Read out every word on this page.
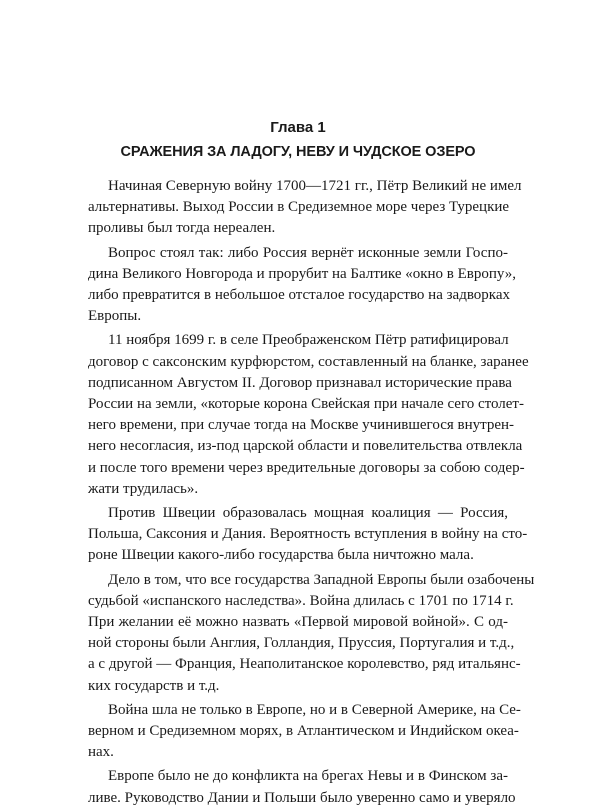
Глава 1
СРАЖЕНИЯ ЗА ЛАДОГУ, НЕВУ И ЧУДСКОЕ ОЗЕРО
Начиная Северную войну 1700—1721 гг., Пётр Великий не имел
альтернативы. Выход России в Средиземное море через Турецкие
проливы был тогда нереален.
Вопрос стоял так: либо Россия вернёт исконные земли Госпо-
дина Великого Новгорода и прорубит на Балтике «окно в Европу»,
либо превратится в небольшое отсталое государство на задворках
Европы.
11 ноября 1699 г. в селе Преображенском Пётр ратифицировал
договор с саксонским курфюрстом, составленный на бланке, заранее
подписанном Августом II. Договор признавал исторические права
России на земли, «которые корона Свейская при начале сего столет-
него времени, при случае тогда на Москве учинившегося внутрен-
него несогласия, из-под царской области и повелительства отвлекла
и после того времени через вредительные договоры за собою содер-
жати трудилась».
Против Швеции образовалась мощная коалиция — Россия,
Польша, Саксония и Дания. Вероятность вступления в войну на сто-
роне Швеции какого-либо государства была ничтожно мала.
Дело в том, что все государства Западной Европы были озабочены
судьбой «испанского наследства». Война длилась с 1701 по 1714 г.
При желании её можно назвать «Первой мировой войной». С од-
ной стороны были Англия, Голландия, Пруссия, Португалия и т.д.,
а с другой — Франция, Неаполитанское королевство, ряд итальянс-
ких государств и т.д.
Война шла не только в Европе, но и в Северной Америке, на Се-
верном и Средиземном морях, в Атлантическом и Индийском океа-
нах.
Европе было не до конфликта на брегах Невы и в Финском за-
ливе. Руководство Дании и Польши было уверенно само и уверяло
